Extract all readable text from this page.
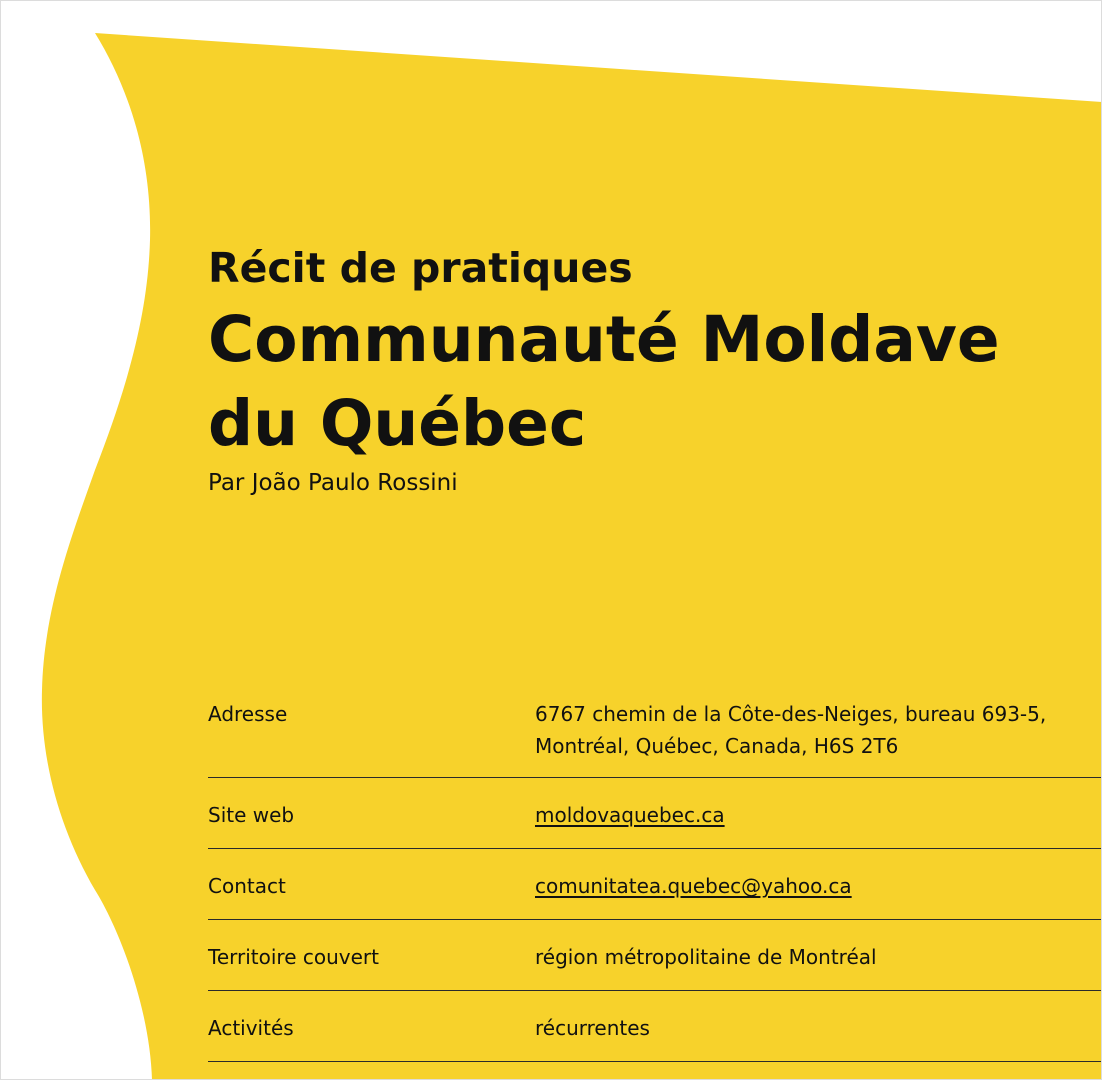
Récit de pratiques

Communauté Moldave

du Québec

Par João Paulo Rossini

Adresse	6767 chemin de la Côte-des-Neiges, bureau 693-5,
Montréal, Québec, Canada, H6S 2T6
Site web	moldovaquebec.ca
Contact	comunitatea.quebec@yahoo.ca
Territoire couvert	région métropolitaine de Montréal
Activités	récurrentes
